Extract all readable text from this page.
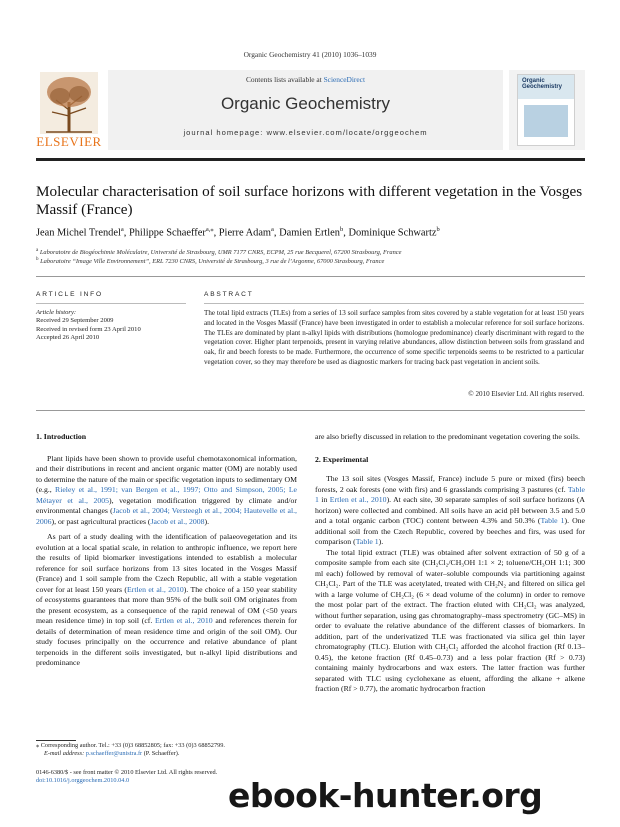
Organic Geochemistry 41 (2010) 1036–1039
ELSEVIER
Contents lists available at ScienceDirect
Organic Geochemistry
journal homepage: www.elsevier.com/locate/orggeochem
Organic Geochemistry
Molecular characterisation of soil surface horizons with different vegetation in the Vosges Massif (France)
Jean Michel Trendel$^a$, Philippe Schaeffer$^{a,⁎}$, Pierre Adam$^a$, Damien Ertlen$^b$, Dominique Schwartz$^b$
$^a$ Laboratoire de Biogéochimie Moléculaire, Université de Strasbourg, UMR 7177 CNRS, ECPM, 25 rue Becquerel, 67200 Strasbourg, France
$^b$ Laboratoire “Image Ville Environnement”, ERL 7230 CNRS, Université de Strasbourg, 3 rue de l’Argonne, 67000 Strasbourg, France
ARTICLE INFO
Article history:
Received 29 September 2009
Received in revised form 23 April 2010
Accepted 26 April 2010
ABSTRACT
The total lipid extracts (TLEs) from a series of 13 soil surface samples from sites covered by a stable vegetation for at least 150 years and located in the Vosges Massif (France) have been investigated in order to establish a molecular reference for soil surface horizons. The TLEs are dominated by plant n-alkyl lipids with distributions (homologue predominance) clearly discriminant with regard to the vegetation cover. Higher plant terpenoids, present in varying relative abundances, allow distinction between soils from grassland and oak, fir and beech forests to be made. Furthermore, the occurrence of some specific terpenoids seems to be restricted to a particular vegetation cover, so they may therefore be used as diagnostic markers for tracing back past vegetation in ancient soils.
© 2010 Elsevier Ltd. All rights reserved.
1. Introduction

Plant lipids have been shown to provide useful chemotaxonomical information, and their distributions in recent and ancient organic matter (OM) are notably used to determine the nature of the main or specific vegetation inputs to sedimentary OM (e.g., Rieley et al., 1991; van Bergen et al., 1997; Otto and Simpson, 2005; Le Métayer et al., 2005), vegetation modification triggered by climate and/or environmental changes (Jacob et al., 2004; Versteegh et al., 2004; Hautevelle et al., 2006), or past agricultural practices (Jacob et al., 2008).

As part of a study dealing with the identification of palaeovegetation and its evolution at a local spatial scale, in relation to anthropic influence, we report here the results of lipid biomarker investigations intended to establish a molecular reference for soil surface horizons from 13 sites located in the Vosges Massif (France) and 1 soil sample from the Czech Republic, all with a stable vegetation cover for at least 150 years (Ertlen et al., 2010). The choice of a 150 year stability of ecosystems guarantees that more than 95% of the bulk soil OM originates from the present ecosystem, as a consequence of the rapid renewal of OM (<50 years mean residence time) in top soil (cf. Ertlen et al., 2010 and references therein for details of determination of mean residence time and origin of the soil OM). Our study focuses principally on the occurrence and relative abundance of plant terpenoids in the different soils investigated, but n-alkyl lipid distributions and predominance

are also briefly discussed in relation to the predominant vegetation covering the soils.

2. Experimental

The 13 soil sites (Vosges Massif, France) include 5 pure or mixed (firs) beech forests, 2 oak forests (one with firs) and 6 grasslands comprising 3 pastures (cf. Table 1 in Ertlen et al., 2010). At each site, 30 separate samples of soil surface horizons (A horizon) were collected and combined. All soils have an acid pH between 3.5 and 5.0 and a total organic carbon (TOC) content between 4.3% and 50.3% (Table 1). One additional soil from the Czech Republic, covered by beeches and firs, was used for comparison (Table 1).

The total lipid extract (TLE) was obtained after solvent extraction of 50 g of a composite sample from each site (CH₂Cl₂/CH₃OH 1:1 × 2; toluene/CH₃OH 1:1; 300 ml each) followed by removal of water–soluble compounds via partitioning against CH₂Cl₂. Part of the TLE was acetylated, treated with CH₂N₂ and filtered on silica gel with a large volume of CH₂Cl₂ (6 × dead volume of the column) in order to remove the most polar part of the extract. The fraction eluted with CH₂Cl₂ was analyzed, without further separation, using gas chromatography–mass spectrometry (GC–MS) in order to evaluate the relative abundance of the different classes of biomarkers. In addition, part of the underivatized TLE was fractionated via silica gel thin layer chromatography (TLC). Elution with CH₂Cl₂ afforded the alcohol fraction (Rf 0.13–0.45), the ketone fraction (Rf 0.45–0.73) and a less polar fraction (Rf > 0.73) containing mainly hydrocarbons and wax esters. The latter fraction was further separated with TLC using cyclohexane as eluent, affording the alkane + alkene fraction (Rf > 0.77), the aromatic hydrocarbon fraction

⁎ Corresponding author. Tel.: +33 (0)3 68852805; fax: +33 (0)3 68852799.
E-mail address: p.schaeffer@unistra.fr (P. Schaeffer).
0146-6380/$ - see front matter © 2010 Elsevier Ltd. All rights reserved.
doi:10.1016/j.orggeochem.2010.04.0	ebook-hunter.org
